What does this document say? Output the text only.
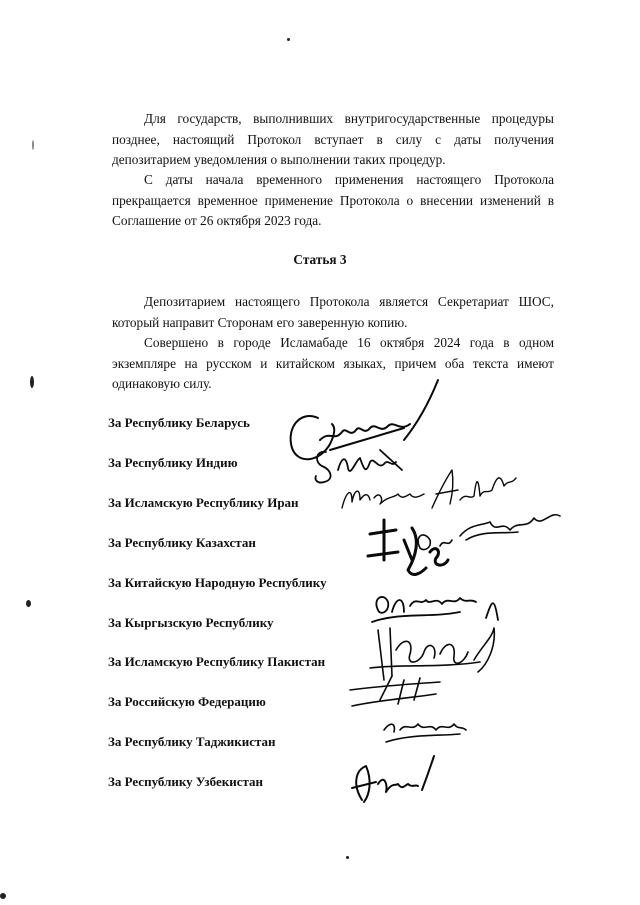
Для государств, выполнивших внутригосударственные процедуры позднее, настоящий Протокол вступает в силу с даты получения депозитарием уведомления о выполнении таких процедур.

С даты начала временного применения настоящего Протокола прекращается временное применение Протокола о внесении изменений в Соглашение от 26 октября 2023 года.

Статья 3

Депозитарием настоящего Протокола является Секретариат ШОС, который направит Сторонам его заверенную копию.

Совершено в городе Исламабаде 16 октября 2024 года в одном экземпляре на русском и китайском языках, причем оба текста имеют одинаковую силу.

За Республику Беларусь
За Республику Индию
За Исламскую Республику Иран
За Республику Казахстан
За Китайскую Народную Республику
За Кыргызскую Республику
За Исламскую Республику Пакистан
За Российскую Федерацию
За Республику Таджикистан
За Республику Узбекистан
